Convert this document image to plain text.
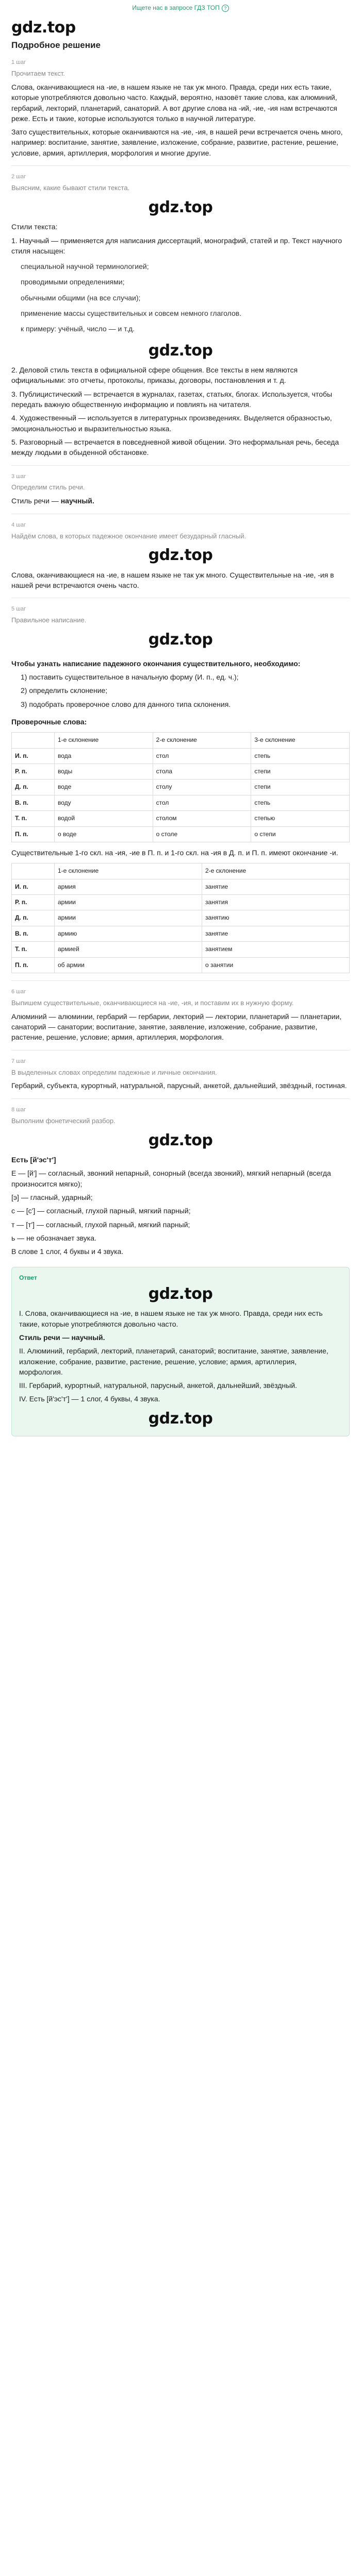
Ищете нас в запросе ГДЗ ТОП ?
gdz.top
Подробное решение
1 шаг
Прочитаем текст.
Слова, оканчивающиеся на -ие, в нашем языке не так уж много. Правда, среди них есть такие, которые употребляются довольно часто. Каждый, вероятно, назовёт такие слова, как алюминий, гербарий, лекторий, планетарий, санаторий. А вот другие слова на -ий, -ие, -ия нам встречаются реже. Есть и такие, которые используются только в научной литературе.
Зато существительных, которые оканчиваются на -ие, -ия, в нашей речи встречается очень много, например: воспитание, занятие, заявление, изложение, собрание, развитие, растение, решение, условие, армия, артиллерия, морфология и многие другие.
2 шаг
Выясним, какие бывают стили текста.
gdz.top
Стили текста:
1. Научный — применяется для написания диссертаций, монографий, статей и пр. Текст научного стиля насыщен:
специальной научной терминологией;
проводимыми определениями;
обычными общими (на все случаи);
применение массы существительных и совсем немного глаголов.
к примеру: учёный, число — и т.д.
gdz.top
2. Деловой стиль текста в официальной сфере общения. Все тексты в нем являются официальными: это отчеты, протоколы, приказы, договоры, постановления и т. д.
3. Публицистический — встречается в журналах, газетах, статьях, блогах. Используется, чтобы передать важную общественную информацию и повлиять на читателя.
4. Художественный — используется в литературных произведениях. Выделяется образностью, эмоциональностью и выразительностью языка.
5. Разговорный — встречается в повседневной живой общении. Это неформальная речь, беседа между людьми в обыденной обстановке.
3 шаг
Определим стиль речи.
Стиль речи — научный.
4 шаг
Найдём слова, в которых падежное окончание имеет безударный гласный.
gdz.top
Слова, оканчивающиеся на -ие, в нашем языке не так уж много. Существительные на -ие, -ия в нашей речи встречаются очень часто.
5 шаг
Правильное написание.
gdz.top
Чтобы узнать написание падежного окончания существительного, необходимо:
1) поставить существительное в начальную форму (И. п., ед. ч.);
2) определить склонение;
3) подобрать проверочное слово для данного типа склонения.
Проверочные слова:
	1-е склонение	2-е склонение	3-е склонение
И. п.	вода	стол	степь
Р. п.	воды	стола	степи
Д. п.	воде	столу	степи
В. п.	воду	стол	степь
Т. п.	водой	столом	степью
П. п.	о воде	о столе	о степи
Существительные 1-го скл. на -ия, -ие в П. п. и 1-го скл. на -ия в Д. п. и П. п. имеют окончание -и.
	1-е склонение	2-е склонение
И. п.	армия	занятие
Р. п.	армии	занятия
Д. п.	армии	занятию
В. п.	армию	занятие
Т. п.	армией	занятием
П. п.	об армии	о занятии
6 шаг
Выпишем существительные, оканчивающиеся на -ие, -ия, и поставим их в нужную форму.
Алюминий — алюминии, гербарий — гербарии, лекторий — лектории, планетарий — планетарии, санаторий — санатории; воспитание, занятие, заявление, изложение, собрание, развитие, растение, решение, условие; армия, артиллерия, морфология.
7 шаг
В выделенных словах определим падежные и личные окончания.
Гербарий, субъекта, курортный, натуральной, парусный, анкетой, дальнейший, звёздный, гостиная.
8 шаг
Выполним фонетический разбор.
gdz.top
Есть [й'эс'т']
Е — [й'] — согласный, звонкий непарный, сонорный (всегда звонкий), мягкий непарный (всегда произносится мягко);
[э] — гласный, ударный;
с — [с'] — согласный, глухой парный, мягкий парный;
т — [т'] — согласный, глухой парный, мягкий парный;
ь — не обозначает звука.
В слове 1 слог, 4 буквы и 4 звука.
Ответ
gdz.top
I. Слова, оканчивающиеся на -ие, в нашем языке не так уж много. Правда, среди них есть такие, которые употребляются довольно часто.
Стиль речи — научный.
II. Алюминий, гербарий, лекторий, планетарий, санаторий; воспитание, занятие, заявление, изложение, собрание, развитие, растение, решение, условие; армия, артиллерия, морфология.
III. Гербарий, курортный, натуральной, парусный, анкетой, дальнейший, звёздный.
IV. Есть [й'эс'т'] — 1 слог, 4 буквы, 4 звука.
gdz.top
